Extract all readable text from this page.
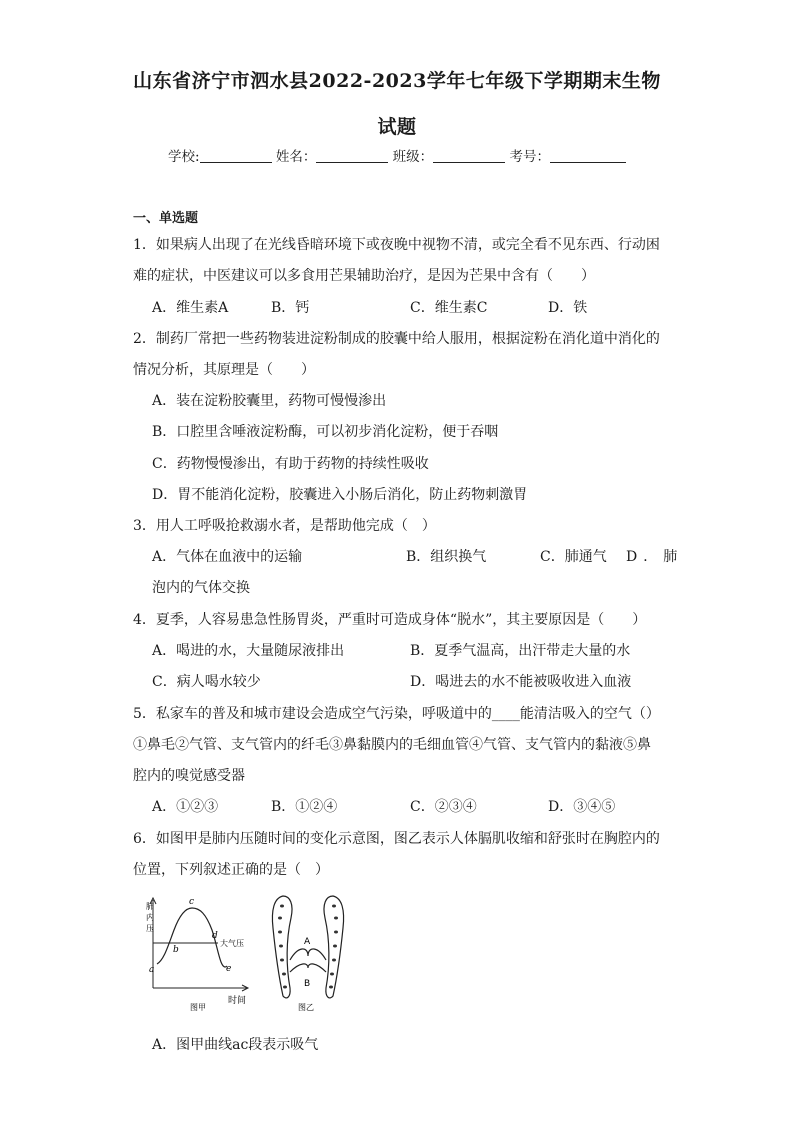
山东省济宁市泗水县2022-2023学年七年级下学期期末生物
试题
学校:	姓名：	班级：	考号：
一、单选题
1．如果病人出现了在光线昏暗环境下或夜晚中视物不清，或完全看不见东西、行动困
难的症状，中医建议可以多食用芒果辅助治疗，是因为芒果中含有（　　）
A．维生素A	B．钙	C．维生素C	D．铁
2．制药厂常把一些药物装进淀粉制成的胶囊中给人服用，根据淀粉在消化道中消化的
情况分析，其原理是（　　）
A．装在淀粉胶囊里，药物可慢慢渗出
B．口腔里含唾液淀粉酶，可以初步消化淀粉，便于吞咽
C．药物慢慢渗出，有助于药物的持续性吸收
D．胃不能消化淀粉，胶囊进入小肠后消化，防止药物刺激胃
3．用人工呼吸抢救溺水者，是帮助他完成（　）
A．气体在血液中的运输	B．组织换气	C．肺通气 D．肺
泡内的气体交换
4．夏季，人容易患急性肠胃炎，严重时可造成身体“脱水”，其主要原因是（　　）
A．喝进的水，大量随尿液排出	B．夏季气温高，出汗带走大量的水
C．病人喝水较少	D．喝进去的水不能被吸收进入血液
5．私家车的普及和城市建设会造成空气污染，呼吸道中的____能清洁吸入的空气（）
①鼻毛②气管、支气管内的纤毛③鼻黏膜内的毛细血管④气管、支气管内的黏液⑤鼻
腔内的嗅觉感受器
A．①②③	B．①②④	C．②③④	D．③④⑤
6．如图甲是肺内压随时间的变化示意图，图乙表示人体膈肌收缩和舒张时在胸腔内的
位置，下列叙述正确的是（　）
肺
内
压
时间
大气压
a
b
c
d
e
图甲
A
B
图乙
A．图甲曲线ac段表示吸气
